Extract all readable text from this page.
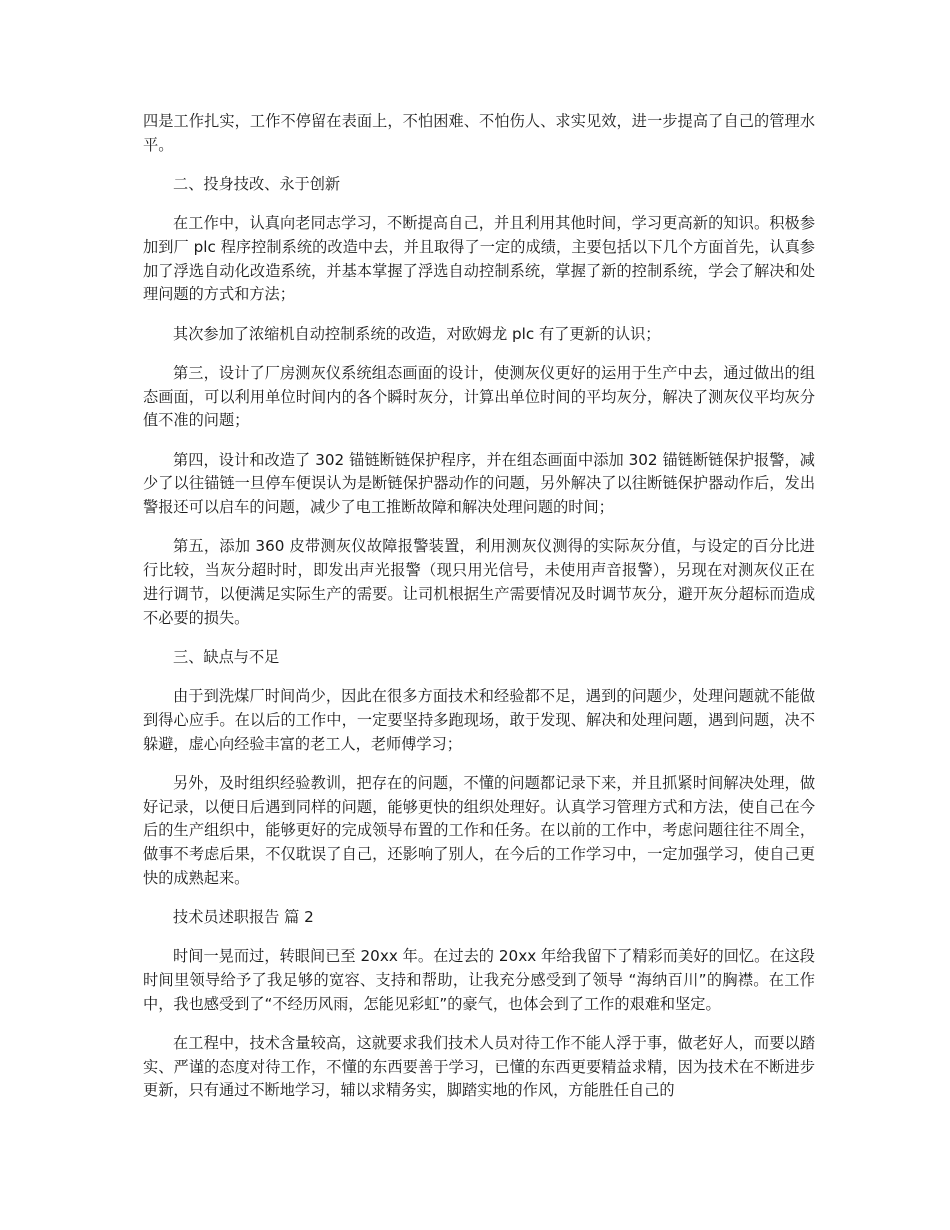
四是工作扎实，工作不停留在表面上，不怕困难、不怕伤人、求实见效，进一步提高了自己的管理水平。

二、投身技改、永于创新

在工作中，认真向老同志学习，不断提高自己，并且利用其他时间，学习更高新的知识。积极参加到厂 plc 程序控制系统的改造中去，并且取得了一定的成绩，主要包括以下几个方面首先，认真参加了浮选自动化改造系统，并基本掌握了浮选自动控制系统，掌握了新的控制系统，学会了解决和处理问题的方式和方法；

其次参加了浓缩机自动控制系统的改造，对欧姆龙 plc 有了更新的认识；

第三，设计了厂房测灰仪系统组态画面的设计，使测灰仪更好的运用于生产中去，通过做出的组态画面，可以利用单位时间内的各个瞬时灰分，计算出单位时间的平均灰分，解决了测灰仪平均灰分值不准的问题；

第四，设计和改造了 302 锚链断链保护程序，并在组态画面中添加 302 锚链断链保护报警，减少了以往锚链一旦停车便误认为是断链保护器动作的问题，另外解决了以往断链保护器动作后，发出警报还可以启车的问题，减少了电工推断故障和解决处理问题的时间；

第五，添加 360 皮带测灰仪故障报警装置，利用测灰仪测得的实际灰分值，与设定的百分比进行比较，当灰分超时时，即发出声光报警（现只用光信号，未使用声音报警），另现在对测灰仪正在进行调节，以便满足实际生产的需要。让司机根据生产需要情况及时调节灰分，避开灰分超标而造成不必要的损失。

三、缺点与不足

由于到洗煤厂时间尚少，因此在很多方面技术和经验都不足，遇到的问题少，处理问题就不能做到得心应手。在以后的工作中，一定要坚持多跑现场，敢于发现、解决和处理问题，遇到问题，决不躲避，虚心向经验丰富的老工人，老师傅学习；

另外，及时组织经验教训，把存在的问题，不懂的问题都记录下来，并且抓紧时间解决处理，做好记录，以便日后遇到同样的问题，能够更快的组织处理好。认真学习管理方式和方法，使自己在今后的生产组织中，能够更好的完成领导布置的工作和任务。在以前的工作中，考虑问题往往不周全，做事不考虑后果，不仅耽误了自己，还影响了别人，在今后的工作学习中，一定加强学习，使自己更快的成熟起来。

技术员述职报告 篇 2

时间一晃而过，转眼间已至 20xx 年。在过去的 20xx 年给我留下了精彩而美好的回忆。在这段时间里领导给予了我足够的宽容、支持和帮助，让我充分感受到了领导 “海纳百川”的胸襟。在工作中，我也感受到了“不经历风雨，怎能见彩虹”的豪气，也体会到了工作的艰难和坚定。

在工程中，技术含量较高，这就要求我们技术人员对待工作不能人浮于事，做老好人，而要以踏实、严谨的态度对待工作，不懂的东西要善于学习，已懂的东西更要精益求精，因为技术在不断进步更新，只有通过不断地学习，辅以求精务实，脚踏实地的作风，方能胜任自己的
